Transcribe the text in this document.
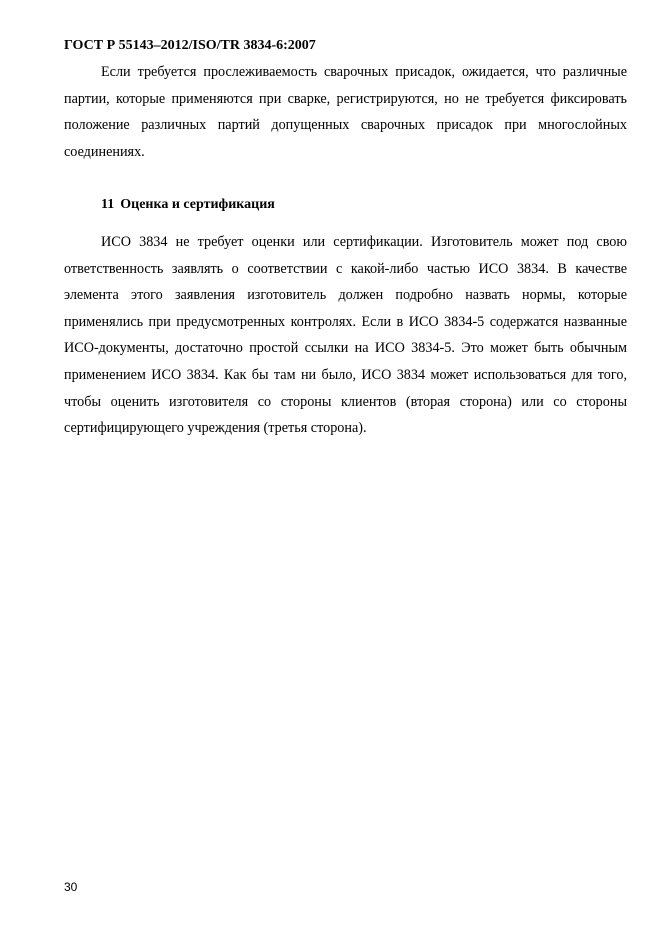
ГОСТ Р 55143–2012/ISO/TR 3834-6:2007

Если требуется прослеживаемость сварочных присадок, ожидается, что различные партии, которые применяются при сварке, регистрируются, но не требуется фиксировать положение различных партий допущенных сварочных присадок при многослойных соединениях.

11 Оценка и сертификация

ИСО 3834 не требует оценки или сертификации. Изготовитель может под свою ответственность заявлять о соответствии с какой-либо частью ИСО 3834. В качестве элемента этого заявления изготовитель должен подробно назвать нормы, которые применялись при предусмотренных контролях. Если в ИСО 3834-5 содержатся названные ИСО-документы, достаточно простой ссылки на ИСО 3834-5. Это может быть обычным применением ИСО 3834. Как бы там ни было, ИСО 3834 может использоваться для того, чтобы оценить изготовителя со стороны клиентов (вторая сторона) или со стороны сертифицирующего учреждения (третья сторона).

30
